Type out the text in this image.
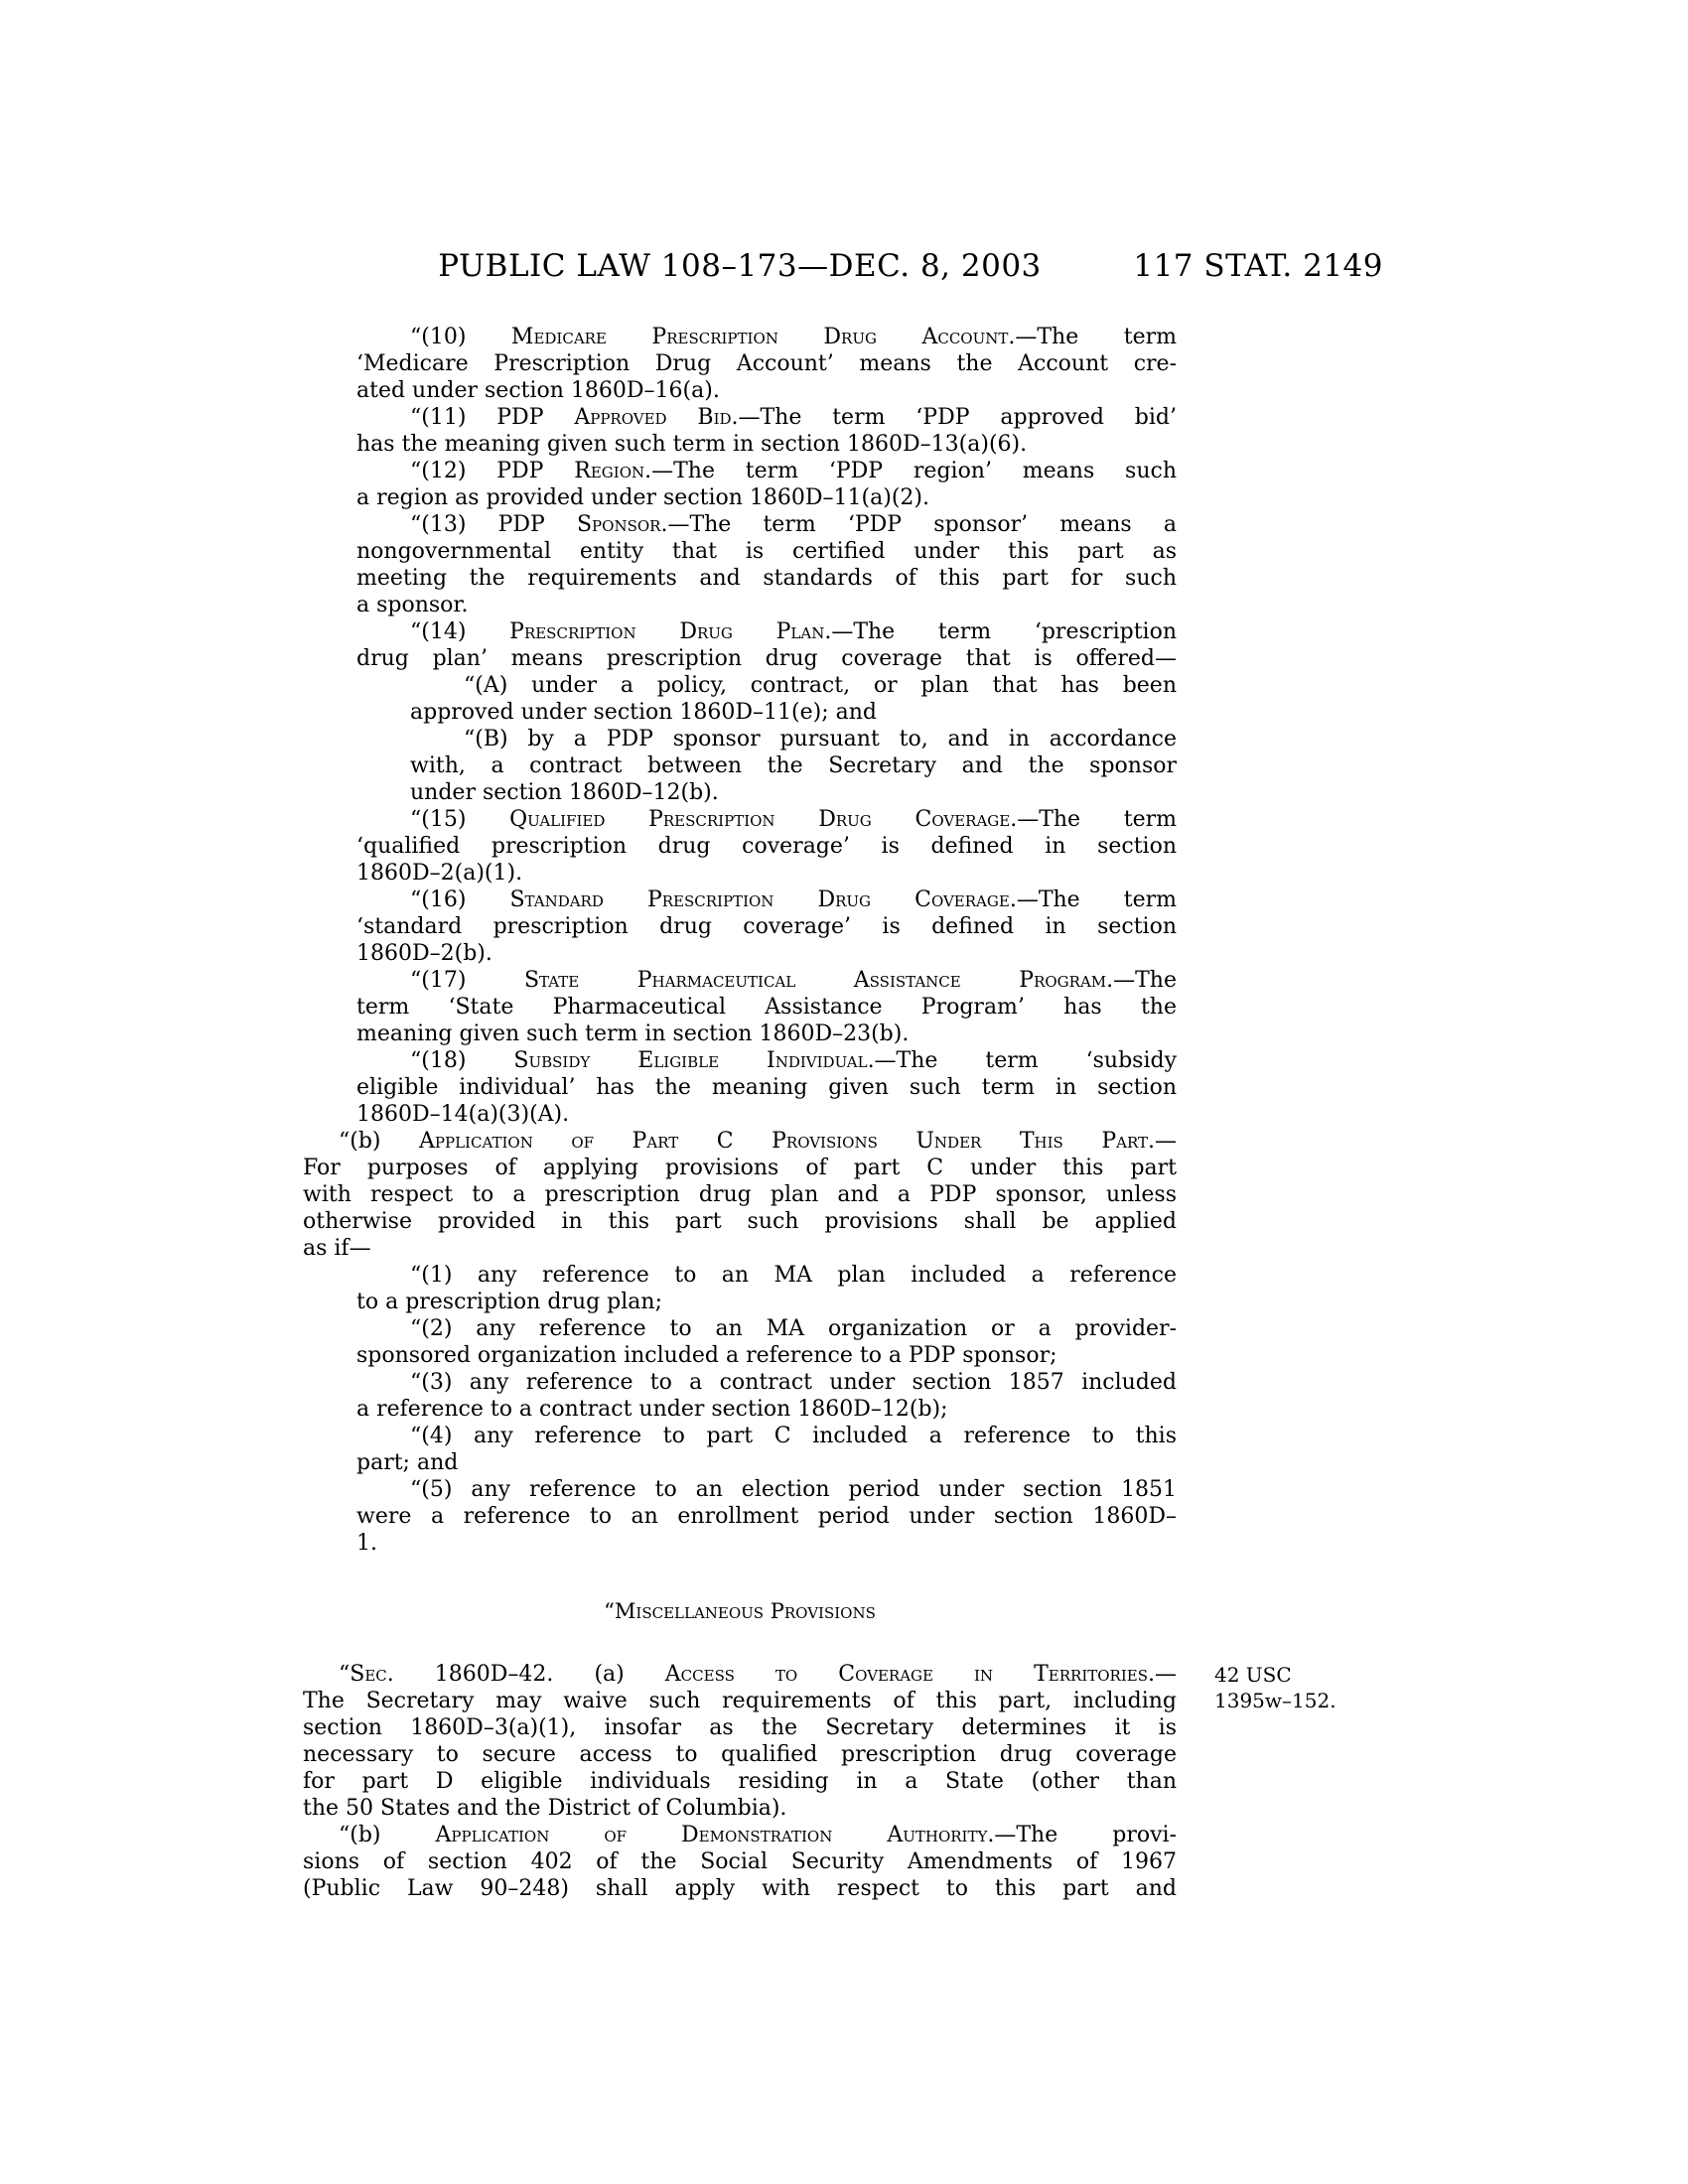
PUBLIC LAW 108–173—DEC. 8, 2003	117 STAT. 2149
“(10) Medicare Prescription Drug Account.—The term
‘Medicare Prescription Drug Account’ means the Account cre-
ated under section 1860D–16(a).
“(11) PDP Approved Bid.—The term ‘PDP approved bid’
has the meaning given such term in section 1860D–13(a)(6).
“(12) PDP Region.—The term ‘PDP region’ means such
a region as provided under section 1860D–11(a)(2).
“(13) PDP Sponsor.—The term ‘PDP sponsor’ means a
nongovernmental entity that is certified under this part as
meeting the requirements and standards of this part for such
a sponsor.
“(14) Prescription Drug Plan.—The term ‘prescription
drug plan’ means prescription drug coverage that is offered—
“(A) under a policy, contract, or plan that has been
approved under section 1860D–11(e); and
“(B) by a PDP sponsor pursuant to, and in accordance
with, a contract between the Secretary and the sponsor
under section 1860D–12(b).
“(15) Qualified Prescription Drug Coverage.—The term
‘qualified prescription drug coverage’ is defined in section
1860D–2(a)(1).
“(16) Standard Prescription Drug Coverage.—The term
‘standard prescription drug coverage’ is defined in section
1860D–2(b).
“(17) State Pharmaceutical Assistance Program.—The
term ‘State Pharmaceutical Assistance Program’ has the
meaning given such term in section 1860D–23(b).
“(18) Subsidy Eligible Individual.—The term ‘subsidy
eligible individual’ has the meaning given such term in section
1860D–14(a)(3)(A).
“(b) Application of Part C Provisions Under This Part.—
For purposes of applying provisions of part C under this part
with respect to a prescription drug plan and a PDP sponsor, unless
otherwise provided in this part such provisions shall be applied
as if—
“(1) any reference to an MA plan included a reference
to a prescription drug plan;
“(2) any reference to an MA organization or a provider-
sponsored organization included a reference to a PDP sponsor;
“(3) any reference to a contract under section 1857 included
a reference to a contract under section 1860D–12(b);
“(4) any reference to part C included a reference to this
part; and
“(5) any reference to an election period under section 1851
were a reference to an enrollment period under section 1860D–
1.
“Miscellaneous Provisions
“Sec. 1860D–42. (a) Access to Coverage in Territories.—
The Secretary may waive such requirements of this part, including
section 1860D–3(a)(1), insofar as the Secretary determines it is
necessary to secure access to qualified prescription drug coverage
for part D eligible individuals residing in a State (other than
the 50 States and the District of Columbia).
“(b) Application of Demonstration Authority.—The provi-
sions of section 402 of the Social Security Amendments of 1967
(Public Law 90–248) shall apply with respect to this part and
42 USC
1395w–152.
